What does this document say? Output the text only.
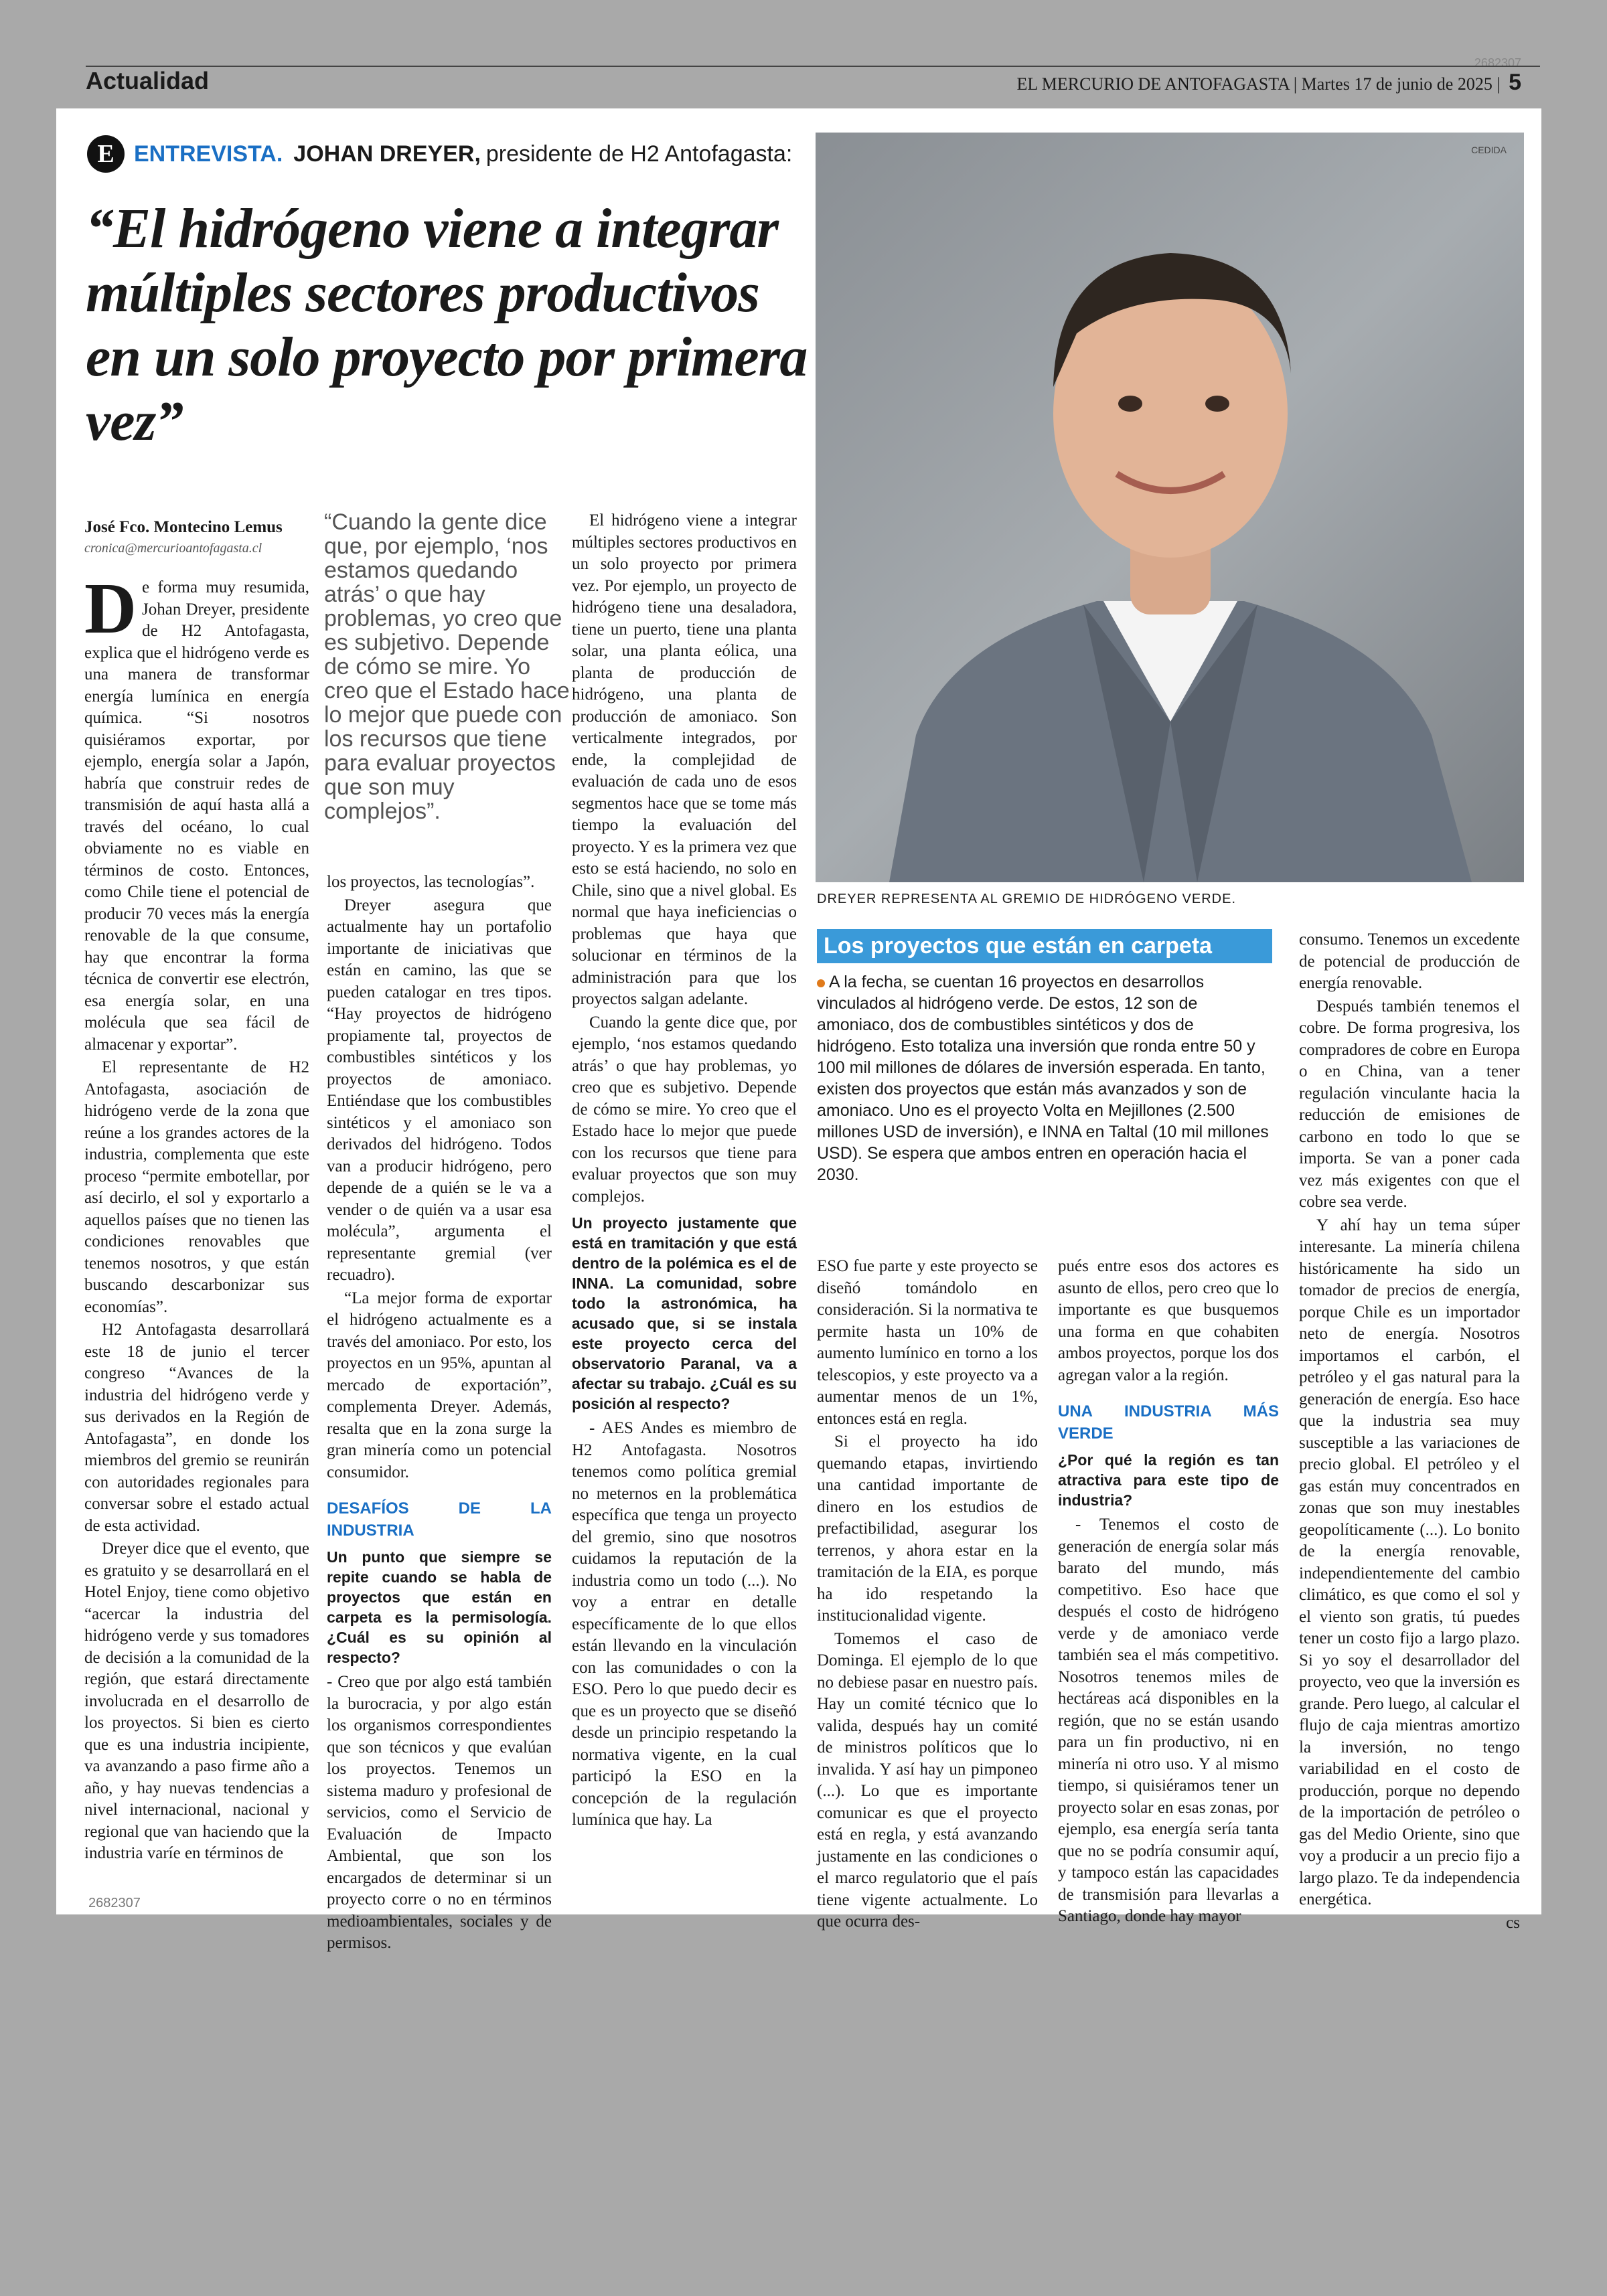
Actualidad
2682307
EL MERCURIO DE ANTOFAGASTA | Martes 17 de junio de 2025 | 5
E ENTREVISTA. JOHAN DREYER, presidente de H2 Antofagasta:
“El hidrógeno viene a integrar múltiples sectores productivos en un solo proyecto por primera vez”
CEDIDA
DREYER REPRESENTA AL GREMIO DE HIDRÓGENO VERDE.
José Fco. Montecino Lemus
cronica@mercurioantofagasta.cl

De forma muy resumida, Johan Dreyer, presidente de H2 Antofagasta, explica que el hidrógeno verde es una manera de transformar energía lumínica en energía química. “Si nosotros quisiéramos exportar, por ejemplo, energía solar a Japón, habría que construir redes de transmisión de aquí hasta allá a través del océano, lo cual obviamente no es viable en términos de costo. Entonces, como Chile tiene el potencial de producir 70 veces más la energía renovable de la que consume, hay que encontrar la forma técnica de convertir ese electrón, esa energía solar, en una molécula que sea fácil de almacenar y exportar”.

El representante de H2 Antofagasta, asociación de hidrógeno verde de la zona que reúne a los grandes actores de la industria, complementa que este proceso “permite embotellar, por así decirlo, el sol y exportarlo a aquellos países que no tienen las condiciones renovables que tenemos nosotros, y que están buscando descarbonizar sus economías”.

H2 Antofagasta desarrollará este 18 de junio el tercer congreso “Avances de la industria del hidrógeno verde y sus derivados en la Región de Antofagasta”, en donde los miembros del gremio se reunirán con autoridades regionales para conversar sobre el estado actual de esta actividad.

Dreyer dice que el evento, que es gratuito y se desarrollará en el Hotel Enjoy, tiene como objetivo “acercar la industria del hidrógeno verde y sus tomadores de decisión a la comunidad de la región, que estará directamente involucrada en el desarrollo de los proyectos. Si bien es cierto que es una industria incipiente, va avanzando a paso firme año a año, y hay nuevas tendencias a nivel internacional, nacional y regional que van haciendo que la industria varíe en términos de

“Cuando la gente dice que, por ejemplo, ‘nos estamos quedando atrás’ o que hay problemas, yo creo que es subjetivo. Depende de cómo se mire. Yo creo que el Estado hace lo mejor que puede con los recursos que tiene para evaluar proyectos que son muy complejos”.

los proyectos, las tecnologías”.

Dreyer asegura que actualmente hay un portafolio importante de iniciativas que están en camino, las que se pueden catalogar en tres tipos. “Hay proyectos de hidrógeno propiamente tal, proyectos de combustibles sintéticos y los proyectos de amoniaco. Entiéndase que los combustibles sintéticos y el amoniaco son derivados del hidrógeno. Todos van a producir hidrógeno, pero depende de a quién se le va a vender o de quién va a usar esa molécula”, argumenta el representante gremial (ver recuadro).

“La mejor forma de exportar el hidrógeno actualmente es a través del amoniaco. Por esto, los proyectos en un 95%, apuntan al mercado de exportación”, complementa Dreyer. Además, resalta que en la zona surge la gran minería como un potencial consumidor.

DESAFÍOS DE LA INDUSTRIA
Un punto que siempre se repite cuando se habla de proyectos que están en carpeta es la permisología. ¿Cuál es su opinión al respecto?

- Creo que por algo está también la burocracia, y por algo están los organismos correspondientes que son técnicos y que evalúan los proyectos. Tenemos un sistema maduro y profesional de servicios, como el Servicio de Evaluación de Impacto Ambiental, que son los encargados de determinar si un proyecto corre o no en términos medioambientales, sociales y de permisos.

El hidrógeno viene a integrar múltiples sectores productivos en un solo proyecto por primera vez. Por ejemplo, un proyecto de hidrógeno tiene una desaladora, tiene un puerto, tiene una planta solar, una planta eólica, una planta de producción de hidrógeno, una planta de producción de amoniaco. Son verticalmente integrados, por ende, la complejidad de evaluación de cada uno de esos segmentos hace que se tome más tiempo la evaluación del proyecto. Y es la primera vez que esto se está haciendo, no solo en Chile, sino que a nivel global. Es normal que haya ineficiencias o problemas que haya que solucionar en términos de la administración para que los proyectos salgan adelante.

Cuando la gente dice que, por ejemplo, ‘nos estamos quedando atrás’ o que hay problemas, yo creo que es subjetivo. Depende de cómo se mire. Yo creo que el Estado hace lo mejor que puede con los recursos que tiene para evaluar proyectos que son muy complejos.

Un proyecto justamente que está en tramitación y que está dentro de la polémica es el de INNA. La comunidad, sobre todo la astronómica, ha acusado que, si se instala este proyecto cerca del observatorio Paranal, va a afectar su trabajo. ¿Cuál es su posición al respecto?

- AES Andes es miembro de H2 Antofagasta. Nosotros tenemos como política gremial no meternos en la problemática específica que tenga un proyecto del gremio, sino que nosotros cuidamos la reputación de la industria como un todo (...). No voy a entrar en detalle específicamente de lo que ellos están llevando en la vinculación con las comunidades o con la ESO. Pero lo que puedo decir es que es un proyecto que se diseñó desde un principio respetando la normativa vigente, en la cual participó la ESO en la concepción de la regulación lumínica que hay. La

Los proyectos que están en carpeta
A la fecha, se cuentan 16 proyectos en desarrollos vinculados al hidrógeno verde. De estos, 12 son de amoniaco, dos de combustibles sintéticos y dos de hidrógeno. Esto totaliza una inversión que ronda entre 50 y 100 mil millones de dólares de inversión esperada. En tanto, existen dos proyectos que están más avanzados y son de amoniaco. Uno es el proyecto Volta en Mejillones (2.500 millones USD de inversión), e INNA en Taltal (10 mil millones USD). Se espera que ambos entren en operación hacia el 2030.

ESO fue parte y este proyecto se diseñó tomándolo en consideración. Si la normativa te permite hasta un 10% de aumento lumínico en torno a los telescopios, y este proyecto va a aumentar menos de un 1%, entonces está en regla.

Si el proyecto ha ido quemando etapas, invirtiendo una cantidad importante de dinero en los estudios de prefactibilidad, asegurar los terrenos, y ahora estar en la tramitación de la EIA, es porque ha ido respetando la institucionalidad vigente.

Tomemos el caso de Dominga. El ejemplo de lo que no debiese pasar en nuestro país. Hay un comité técnico que lo valida, después hay un comité de ministros políticos que lo invalida. Y así hay un pimponeo (...). Lo que es importante comunicar es que el proyecto está en regla, y está avanzando justamente en las condiciones o el marco regulatorio que el país tiene vigente actualmente. Lo que ocurra des-

pués entre esos dos actores es asunto de ellos, pero creo que lo importante es que busquemos una forma en que cohabiten ambos proyectos, porque los dos agregan valor a la región.

UNA INDUSTRIA MÁS VERDE
¿Por qué la región es tan atractiva para este tipo de industria?

- Tenemos el costo de generación de energía solar más barato del mundo, más competitivo. Eso hace que después el costo de hidrógeno verde y de amoniaco verde también sea el más competitivo. Nosotros tenemos miles de hectáreas acá disponibles en la región, que no se están usando para un fin productivo, ni en minería ni otro uso. Y al mismo tiempo, si quisiéramos tener un proyecto solar en esas zonas, por ejemplo, esa energía sería tanta que no se podría consumir aquí, y tampoco están las capacidades de transmisión para llevarlas a Santiago, donde hay mayor

consumo. Tenemos un excedente de potencial de producción de energía renovable.

Después también tenemos el cobre. De forma progresiva, los compradores de cobre en Europa o en China, van a tener regulación vinculante hacia la reducción de emisiones de carbono en todo lo que se importa. Se van a poner cada vez más exigentes con que el cobre sea verde.

Y ahí hay un tema súper interesante. La minería chilena históricamente ha sido un tomador de precios de energía, porque Chile es un importador neto de energía. Nosotros importamos el carbón, el petróleo y el gas natural para la generación de energía. Eso hace que la industria sea muy susceptible a las variaciones de precio global. El petróleo y el gas están muy concentrados en zonas que son muy inestables geopolíticamente (...). Lo bonito de la energía renovable, independientemente del cambio climático, es que como el sol y el viento son gratis, tú puedes tener un costo fijo a largo plazo. Si yo soy el desarrollador del proyecto, veo que la inversión es grande. Pero luego, al calcular el flujo de caja mientras amortizo la inversión, no tengo variabilidad en el costo de producción, porque no dependo de la importación de petróleo o gas del Medio Oriente, sino que voy a producir a un precio fijo a largo plazo. Te da independencia energética.

cs

2682307
